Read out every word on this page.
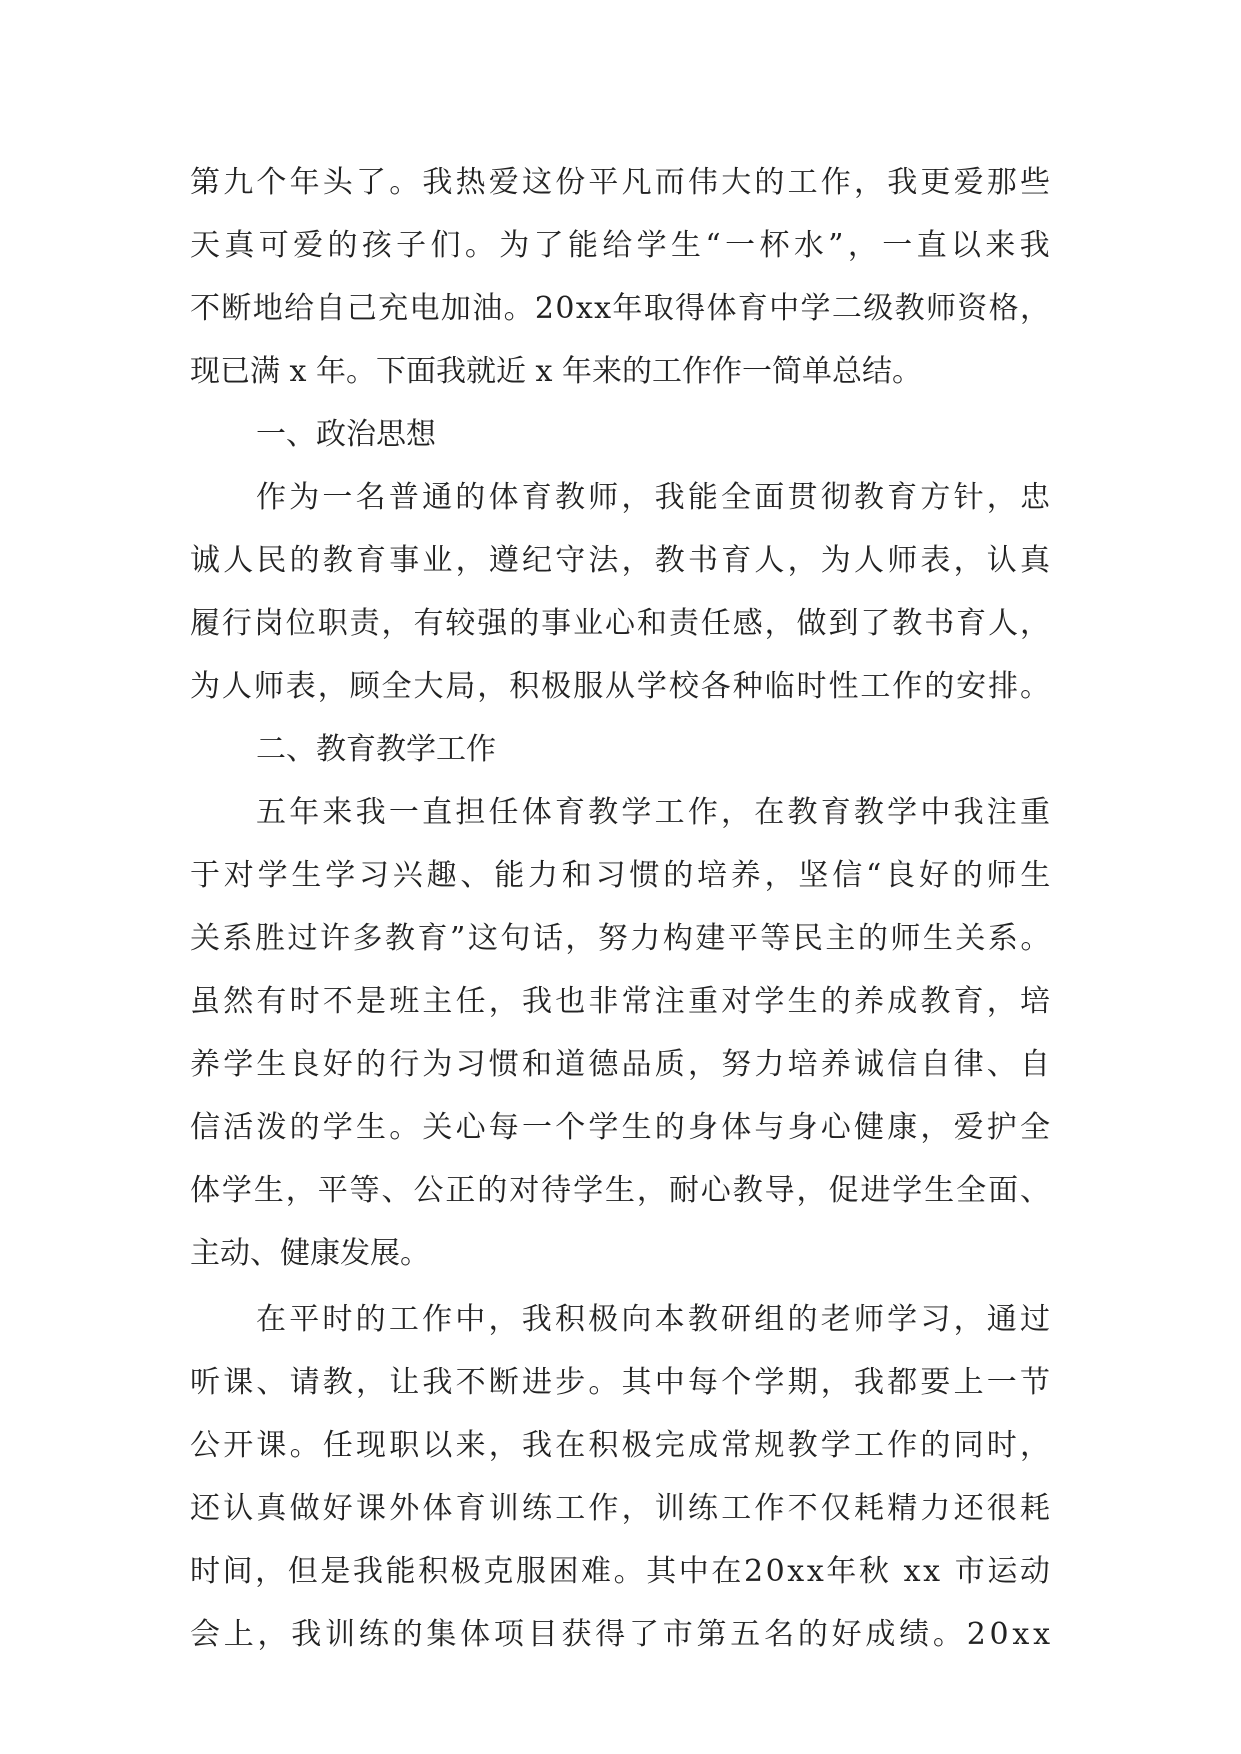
第九个年头了。我热爱这份平凡而伟大的工作，我更爱那些
天真可爱的孩子们。为了能给学生“一杯水”，一直以来我
不断地给自己充电加油。20xx年取得体育中学二级教师资格，
现已满 x 年。下面我就近 x 年来的工作作一简单总结。
一、政治思想
作为一名普通的体育教师，我能全面贯彻教育方针，忠
诚人民的教育事业，遵纪守法，教书育人，为人师表，认真
履行岗位职责，有较强的事业心和责任感，做到了教书育人，
为人师表，顾全大局，积极服从学校各种临时性工作的安排。
二、教育教学工作
五年来我一直担任体育教学工作，在教育教学中我注重
于对学生学习兴趣、能力和习惯的培养，坚信“良好的师生
关系胜过许多教育”这句话，努力构建平等民主的师生关系。
虽然有时不是班主任，我也非常注重对学生的养成教育，培
养学生良好的行为习惯和道德品质，努力培养诚信自律、自
信活泼的学生。关心每一个学生的身体与身心健康，爱护全
体学生，平等、公正的对待学生，耐心教导，促进学生全面、
主动、健康发展。
在平时的工作中，我积极向本教研组的老师学习，通过
听课、请教，让我不断进步。其中每个学期，我都要上一节
公开课。任现职以来，我在积极完成常规教学工作的同时，
还认真做好课外体育训练工作，训练工作不仅耗精力还很耗
时间，但是我能积极克服困难。其中在20xx年秋 xx 市运动
会上，我训练的集体项目获得了市第五名的好成绩。20xx
